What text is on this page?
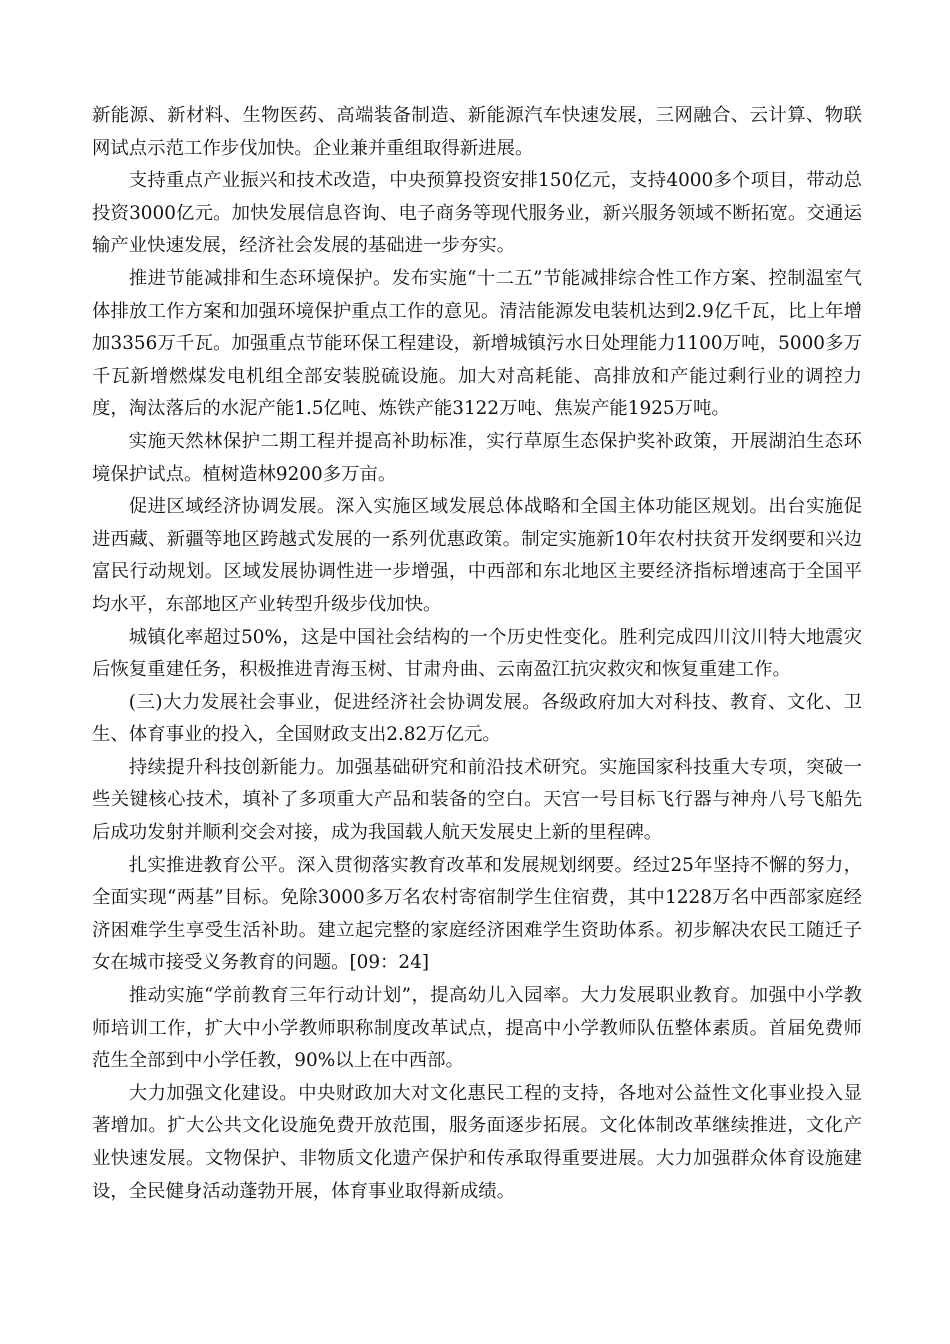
新能源、新材料、生物医药、高端装备制造、新能源汽车快速发展，三网融合、云计算、物联网试点示范工作步伐加快。企业兼并重组取得新进展。

支持重点产业振兴和技术改造，中央预算投资安排150亿元，支持4000多个项目，带动总投资3000亿元。加快发展信息咨询、电子商务等现代服务业，新兴服务领域不断拓宽。交通运输产业快速发展，经济社会发展的基础进一步夯实。

推进节能减排和生态环境保护。发布实施“十二五”节能减排综合性工作方案、控制温室气体排放工作方案和加强环境保护重点工作的意见。清洁能源发电装机达到2.9亿千瓦，比上年增加3356万千瓦。加强重点节能环保工程建设，新增城镇污水日处理能力1100万吨，5000多万千瓦新增燃煤发电机组全部安装脱硫设施。加大对高耗能、高排放和产能过剩行业的调控力度，淘汰落后的水泥产能1.5亿吨、炼铁产能3122万吨、焦炭产能1925万吨。

实施天然林保护二期工程并提高补助标准，实行草原生态保护奖补政策，开展湖泊生态环境保护试点。植树造林9200多万亩。

促进区域经济协调发展。深入实施区域发展总体战略和全国主体功能区规划。出台实施促进西藏、新疆等地区跨越式发展的一系列优惠政策。制定实施新10年农村扶贫开发纲要和兴边富民行动规划。区域发展协调性进一步增强，中西部和东北地区主要经济指标增速高于全国平均水平，东部地区产业转型升级步伐加快。

城镇化率超过50%，这是中国社会结构的一个历史性变化。胜利完成四川汶川特大地震灾后恢复重建任务，积极推进青海玉树、甘肃舟曲、云南盈江抗灾救灾和恢复重建工作。

(三)大力发展社会事业，促进经济社会协调发展。各级政府加大对科技、教育、文化、卫生、体育事业的投入，全国财政支出2.82万亿元。

持续提升科技创新能力。加强基础研究和前沿技术研究。实施国家科技重大专项，突破一些关键核心技术，填补了多项重大产品和装备的空白。天宫一号目标飞行器与神舟八号飞船先后成功发射并顺利交会对接，成为我国载人航天发展史上新的里程碑。

扎实推进教育公平。深入贯彻落实教育改革和发展规划纲要。经过25年坚持不懈的努力，全面实现“两基”目标。免除3000多万名农村寄宿制学生住宿费，其中1228万名中西部家庭经济困难学生享受生活补助。建立起完整的家庭经济困难学生资助体系。初步解决农民工随迁子女在城市接受义务教育的问题。[09：24]

推动实施“学前教育三年行动计划”，提高幼儿入园率。大力发展职业教育。加强中小学教师培训工作，扩大中小学教师职称制度改革试点，提高中小学教师队伍整体素质。首届免费师范生全部到中小学任教，90%以上在中西部。

大力加强文化建设。中央财政加大对文化惠民工程的支持，各地对公益性文化事业投入显著增加。扩大公共文化设施免费开放范围，服务面逐步拓展。文化体制改革继续推进，文化产业快速发展。文物保护、非物质文化遗产保护和传承取得重要进展。大力加强群众体育设施建设，全民健身活动蓬勃开展，体育事业取得新成绩。
